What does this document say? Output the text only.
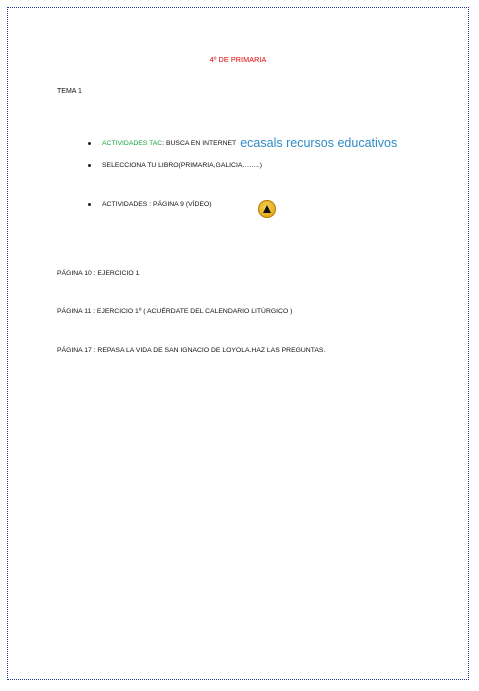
4º DE PRIMARIA
TEMA 1
ACTIVIDADES TAC : BUSCA EN INTERNET ecasals recursos educativos
SELECCIONA TU LIBRO(PRIMARIA,GALICIA……..)
ACTIVIDADES : PÁGINA 9 (VÍDEO)
PÁGINA 10 : EJERCICIO 1
PÁGINA 11 : EJERCICIO 1º ( ACUÉRDATE DEL CALENDARIO LITÚRGICO )
PÁGINA 17 : REPASA LA VIDA DE SAN IGNACIO DE LOYOLA.HAZ LAS PREGUNTAS.
